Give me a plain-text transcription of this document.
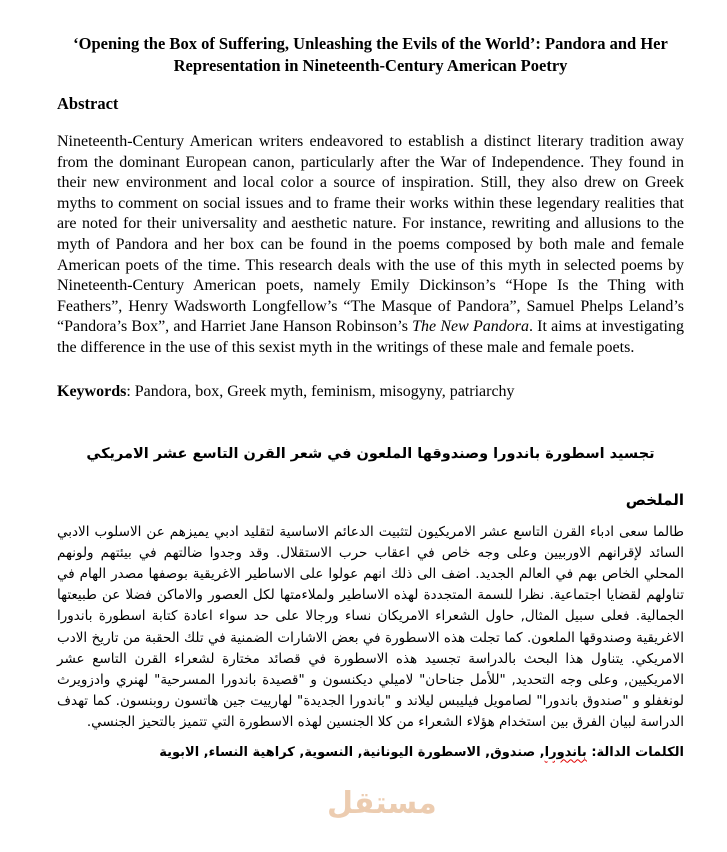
مستقل
‘Opening the Box of Suffering, Unleashing the Evils of the World’: Pandora and Her Representation in Nineteenth-Century American Poetry
Abstract

Nineteenth-Century American writers endeavored to establish a distinct literary tradition away from the dominant European canon, particularly after the War of Independence. They found in their new environment and local color a source of inspiration. Still, they also drew on Greek myths to comment on social issues and to frame their works within these legendary realities that are noted for their universality and aesthetic nature. For instance, rewriting and allusions to the myth of Pandora and her box can be found in the poems composed by both male and female American poets of the time. This research deals with the use of this myth in selected poems by Nineteenth-Century American poets, namely Emily Dickinson’s “Hope Is the Thing with Feathers”, Henry Wadsworth Longfellow’s “The Masque of Pandora”, Samuel Phelps Leland’s “Pandora’s Box”, and Harriet Jane Hanson Robinson’s The New Pandora. It aims at investigating the difference in the use of this sexist myth in the writings of these male and female poets.

Keywords: Pandora, box, Greek myth, feminism, misogyny, patriarchy

تجسيد اسطورة باندورا وصندوقها الملعون في شعر القرن التاسع عشر الامريكي
الملخص

طالما سعى ادباء القرن التاسع عشر الامريكيون لتثبيت الدعائم الاساسية لتقليد ادبي يميزهم عن الاسلوب الادبي السائد لإقرانهم الاوربيين وعلى وجه خاص في اعقاب حرب الاستقلال. وقد وجدوا ضالتهم في بيئتهم ولونهم المحلي الخاص بهم في العالم الجديد. اضف الى ذلك انهم عولوا على الاساطير الاغريقية بوصفها مصدر الهام في تناولهم لقضايا اجتماعية. نظرا للسمة المتجددة لهذه الاساطير ولملاءمتها لكل العصور والاماكن فضلا عن طبيعتها الجمالية. فعلى سبيل المثال, حاول الشعراء الامريكان نساء ورجالا على حد سواء اعادة كتابة اسطورة باندورا الاغريقية وصندوقها الملعون. كما تجلت هذه الاسطورة في بعض الاشارات الضمنية في تلك الحقبة من تاريخ الادب الامريكي. يتناول هذا البحث بالدراسة تجسيد هذه الاسطورة في قصائد مختارة لشعراء القرن التاسع عشر الامريكيين, وعلى وجه التحديد, "للأمل جناحان" لاميلي ديكنسون و "قصيدة باندورا المسرحية" لهنري وادزويرث لونغفلو و "صندوق باندورا" لصامويل فيليبس ليلاند و "باندورا الجديدة" لهارييت جين هاتسون روبنسون. كما تهدف الدراسة لبيان الفرق بين استخدام هؤلاء الشعراء من كلا الجنسين لهذه الاسطورة التي تتميز بالتحيز الجنسي.

الكلمات الدالة: باندورا, صندوق, الاسطورة اليونانية, النسوية, كراهية النساء, الابوية
